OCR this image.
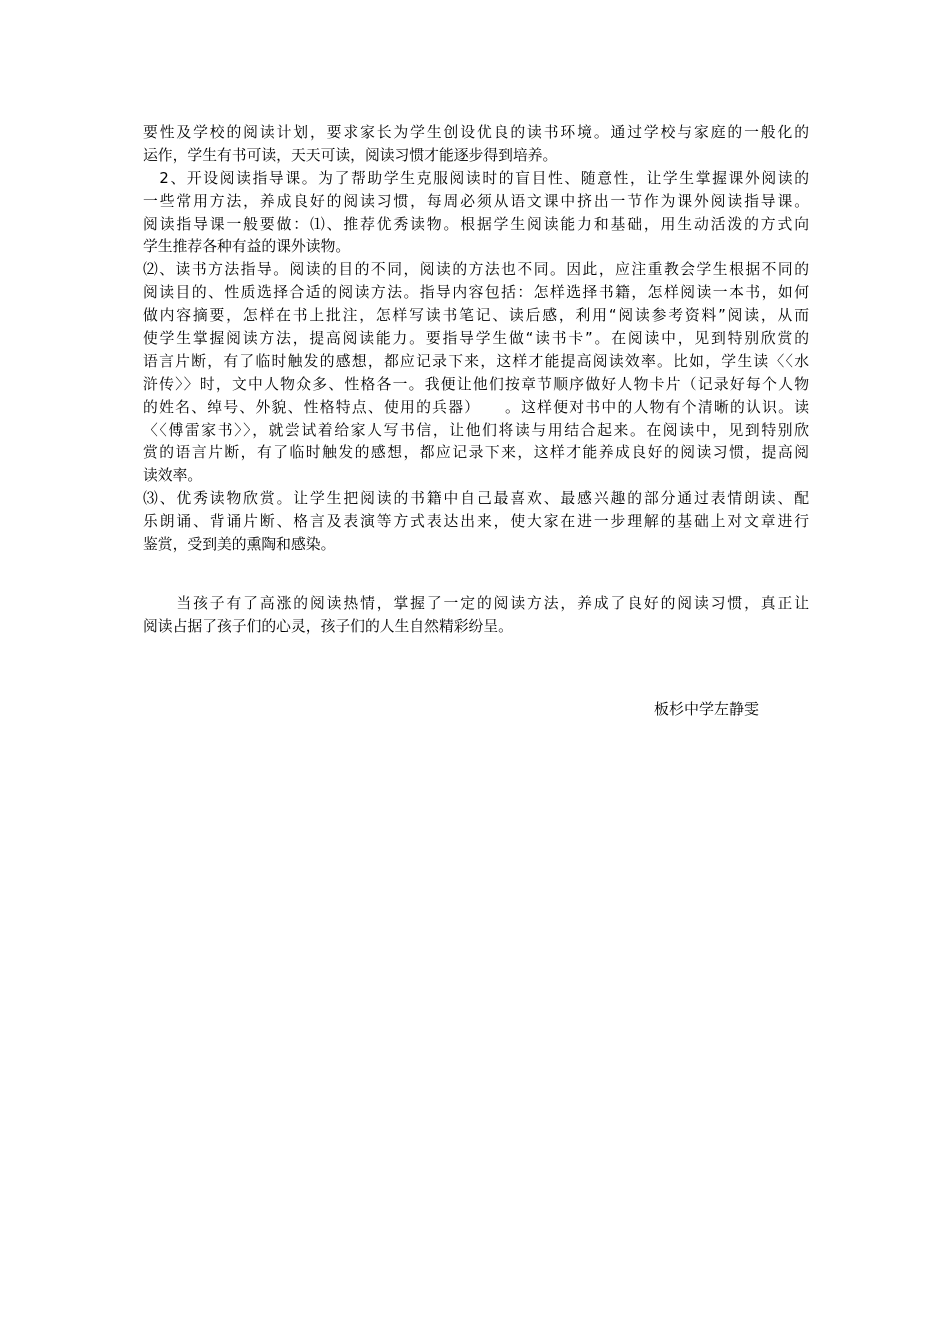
要性及学校的阅读计划，要求家长为学生创设优良的读书环境。通过学校与家庭的一般化的
运作，学生有书可读，天天可读，阅读习惯才能逐步得到培养。
　2、开设阅读指导课。为了帮助学生克服阅读时的盲目性、随意性，让学生掌握课外阅读的
一些常用方法，养成良好的阅读习惯，每周必须从语文课中挤出一节作为课外阅读指导课。
阅读指导课一般要做：⑴、推荐优秀读物。根据学生阅读能力和基础，用生动活泼的方式向
学生推荐各种有益的课外读物。
⑵、读书方法指导。阅读的目的不同，阅读的方法也不同。因此，应注重教会学生根据不同的
阅读目的、性质选择合适的阅读方法。指导内容包括：怎样选择书籍，怎样阅读一本书，如何
做内容摘要，怎样在书上批注，怎样写读书笔记、读后感，利用“阅读参考资料”阅读，从而
使学生掌握阅读方法，提高阅读能力。要指导学生做“读书卡”。在阅读中，见到特别欣赏的
语言片断，有了临时触发的感想，都应记录下来，这样才能提高阅读效率。比如，学生读〈〈水
浒传〉〉时，文中人物众多、性格各一。我便让他们按章节顺序做好人物卡片（记录好每个人物
的姓名、绰号、外貌、性格特点、使用的兵器）　　。这样便对书中的人物有个清晰的认识。读
〈〈傅雷家书〉〉，就尝试着给家人写书信，让他们将读与用结合起来。在阅读中，见到特别欣
赏的语言片断，有了临时触发的感想，都应记录下来，这样才能养成良好的阅读习惯，提高阅
读效率。
⑶、优秀读物欣赏。让学生把阅读的书籍中自己最喜欢、最感兴趣的部分通过表情朗读、配
乐朗诵、背诵片断、格言及表演等方式表达出来，使大家在进一步理解的基础上对文章进行
鉴赏，受到美的熏陶和感染。
　　当孩子有了高涨的阅读热情，掌握了一定的阅读方法，养成了良好的阅读习惯，真正让
阅读占据了孩子们的心灵，孩子们的人生自然精彩纷呈。
板杉中学左静雯
